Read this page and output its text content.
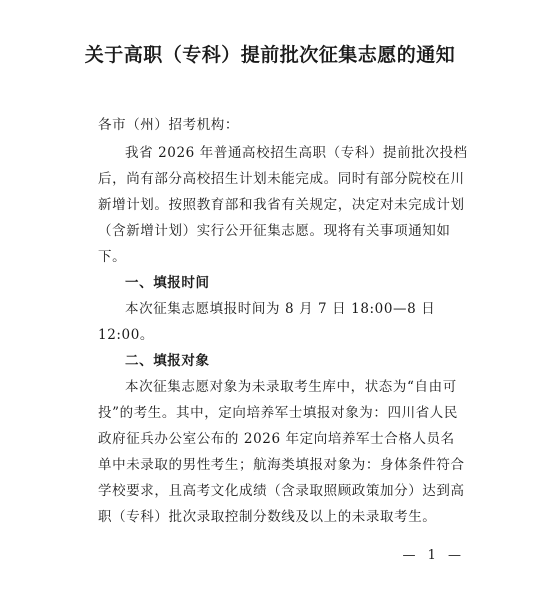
关于高职（专科）提前批次征集志愿的通知

各市（州）招考机构：

我省 2026 年普通高校招生高职（专科）提前批次投档后，尚有部分高校招生计划未能完成。同时有部分院校在川新增计划。按照教育部和我省有关规定，决定对未完成计划（含新增计划）实行公开征集志愿。现将有关事项通知如下。

一、填报时间

本次征集志愿填报时间为 8 月 7 日 18:00—8 日 12:00。

二、填报对象

本次征集志愿对象为未录取考生库中，状态为“自由可投”的考生。其中，定向培养军士填报对象为：四川省人民政府征兵办公室公布的 2026 年定向培养军士合格人员名单中未录取的男性考生；航海类填报对象为：身体条件符合学校要求，且高考文化成绩（含录取照顾政策加分）达到高职（专科）批次录取控制分数线及以上的未录取考生。

— 1 —
